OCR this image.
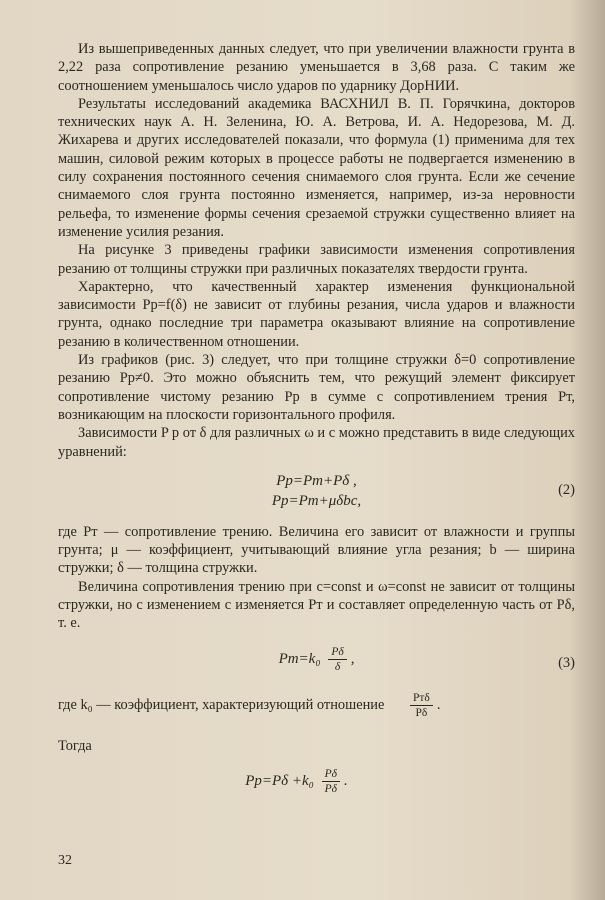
Из вышеприведенных данных следует, что при увеличении влажности грунта в 2,22 раза сопротивление резанию уменьшается в 3,68 раза. С таким же соотношением уменьшалось число ударов по ударнику ДорНИИ.

Результаты исследований академика ВАСХНИЛ В. П. Горячкина, докторов технических наук А. Н. Зеленина, Ю. А. Ветрова, И. А. Недорезова, М. Д. Жихарева и других исследователей показали, что формула (1) применима для тех машин, силовой режим которых в процессе работы не подвергается изменению в силу сохранения постоянного сечения снимаемого слоя грунта. Если же сечение снимаемого слоя грунта постоянно изменяется, например, из-за неровности рельефа, то изменение формы сечения срезаемой стружки существенно влияет на изменение усилия резания.

На рисунке 3 приведены графики зависимости изменения сопротивления резанию от толщины стружки при различных показателях твердости грунта.

Характерно, что качественный характер изменения функциональной зависимости Pр=f(δ) не зависит от глубины резания, числа ударов и влажности грунта, однако последние три параметра оказывают влияние на сопротивление резанию в количественном отношении.

Из графиков (рис. 3) следует, что при толщине стружки δ=0 сопротивление резанию Pр≠0. Это можно объяснить тем, что режущий элемент фиксирует сопротивление чистому резанию Pр в сумме с сопротивлением трения Pт, возникающим на плоскости горизонтального профиля.

Зависимости P р от δ для различных ω и c можно представить в виде следующих уравнений:

Pр=Pт+Pδ ,
Pр=Pт+μδbc,
(2)

где Pт — сопротивление трению. Величина его зависит от влажности и группы грунта; μ — коэффициент, учитывающий влияние угла резания; b — ширина стружки; δ — толщина стружки.

Величина сопротивления трению при c=const и ω=const не зависит от толщины стружки, но с изменением c изменяется Pт и составляет определенную часть от Pδ, т. е.

$Pт=k_0 \frac{P\delta}{\delta}$ ,	(3)
где k₀ — коэффициент, характеризующий отношение $\frac{\text{Pтδ}}{P\delta}$ .

Тогда

$Pр=P\delta +k_0 \frac{P\delta}{P\delta}$ .
32
